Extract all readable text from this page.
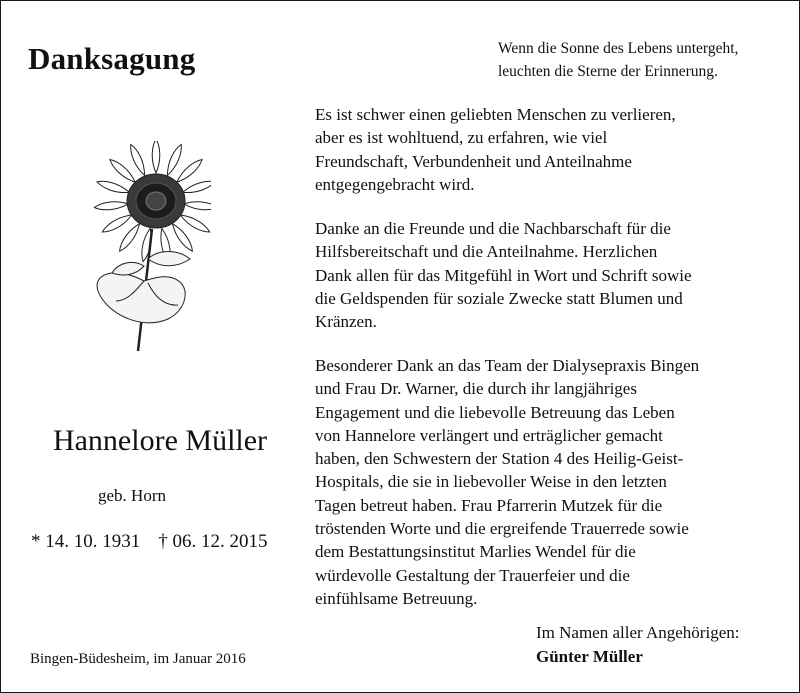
Danksagung	Wenn die Sonne des Lebens untergeht,
leuchten die Sterne der Erinnerung.
Es ist schwer einen geliebten Menschen zu verlieren,
aber es ist wohltuend, zu erfahren, wie viel
Freundschaft, Verbundenheit und Anteilnahme
entgegengebracht wird.
Danke an die Freunde und die Nachbarschaft für die
Hilfsbereitschaft und die Anteilnahme. Herzlichen
Dank allen für das Mitgefühl in Wort und Schrift sowie
die Geldspenden für soziale Zwecke statt Blumen und
Kränzen.
Besonderer Dank an das Team der Dialysepraxis Bingen
und Frau Dr. Warner, die durch ihr langjähriges
Engagement und die liebevolle Betreuung das Leben
von Hannelore verlängert und erträglicher gemacht
haben, den Schwestern der Station 4 des Heilig-Geist-
Hospitals, die sie in liebevoller Weise in den letzten
Tagen betreut haben. Frau Pfarrerin Mutzek für die
tröstenden Worte und die ergreifende Trauerrede sowie
dem Bestattungsinstitut Marlies Wendel für die
würdevolle Gestaltung der Trauerfeier und die
einfühlsame Betreuung.
Hannelore Müller
geb. Horn
* 14. 10. 1931 † 06. 12. 2015
Bingen-Büdesheim, im Januar 2016
Im Namen aller Angehörigen:
Günter Müller
